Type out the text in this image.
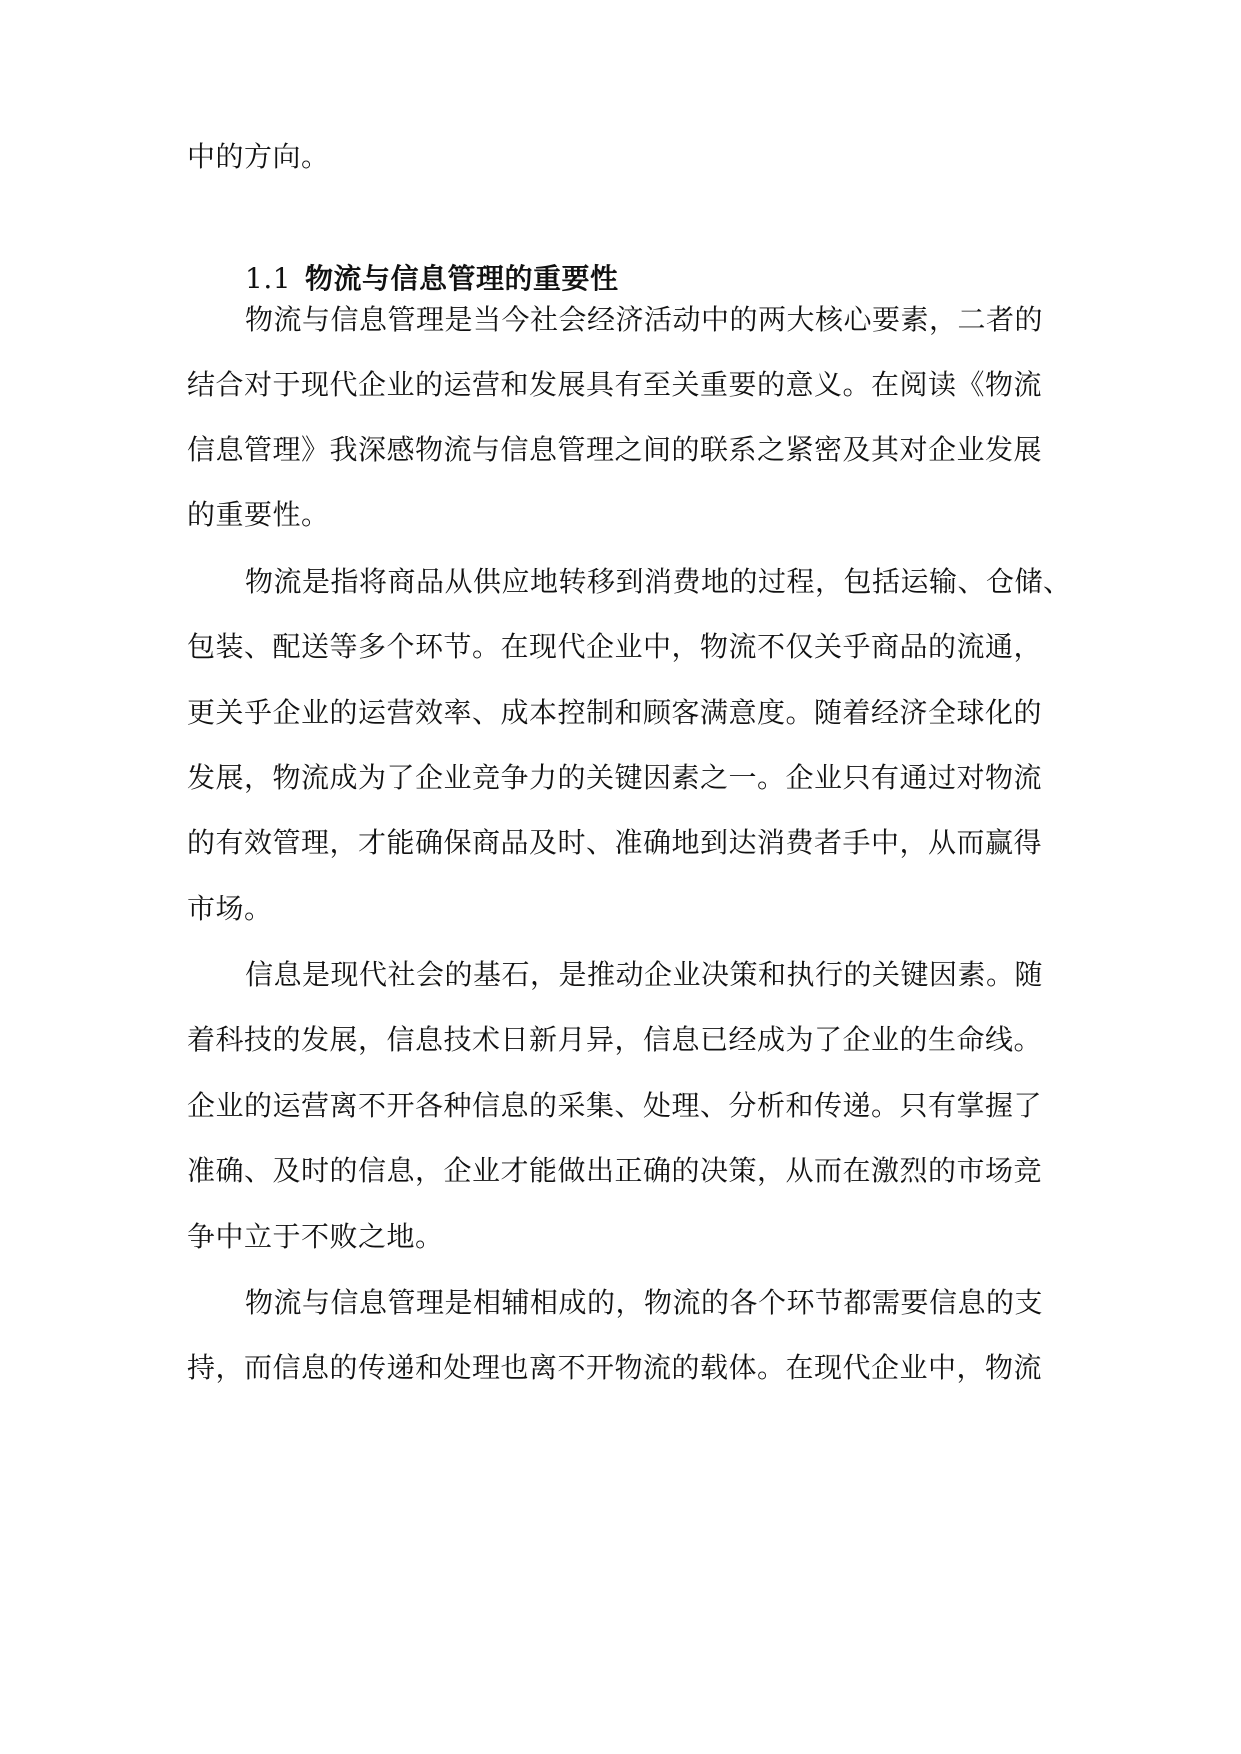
中的方向。
1.1 物流与信息管理的重要性
物流与信息管理是当今社会经济活动中的两大核心要素，二者的
结合对于现代企业的运营和发展具有至关重要的意义。在阅读《物流
信息管理》我深感物流与信息管理之间的联系之紧密及其对企业发展
的重要性。
物流是指将商品从供应地转移到消费地的过程，包括运输、仓储、
包装、配送等多个环节。在现代企业中，物流不仅关乎商品的流通，
更关乎企业的运营效率、成本控制和顾客满意度。随着经济全球化的
发展，物流成为了企业竞争力的关键因素之一。企业只有通过对物流
的有效管理，才能确保商品及时、准确地到达消费者手中，从而赢得
市场。
信息是现代社会的基石，是推动企业决策和执行的关键因素。随
着科技的发展，信息技术日新月异，信息已经成为了企业的生命线。
企业的运营离不开各种信息的采集、处理、分析和传递。只有掌握了
准确、及时的信息，企业才能做出正确的决策，从而在激烈的市场竞
争中立于不败之地。
物流与信息管理是相辅相成的，物流的各个环节都需要信息的支
持，而信息的传递和处理也离不开物流的载体。在现代企业中，物流
